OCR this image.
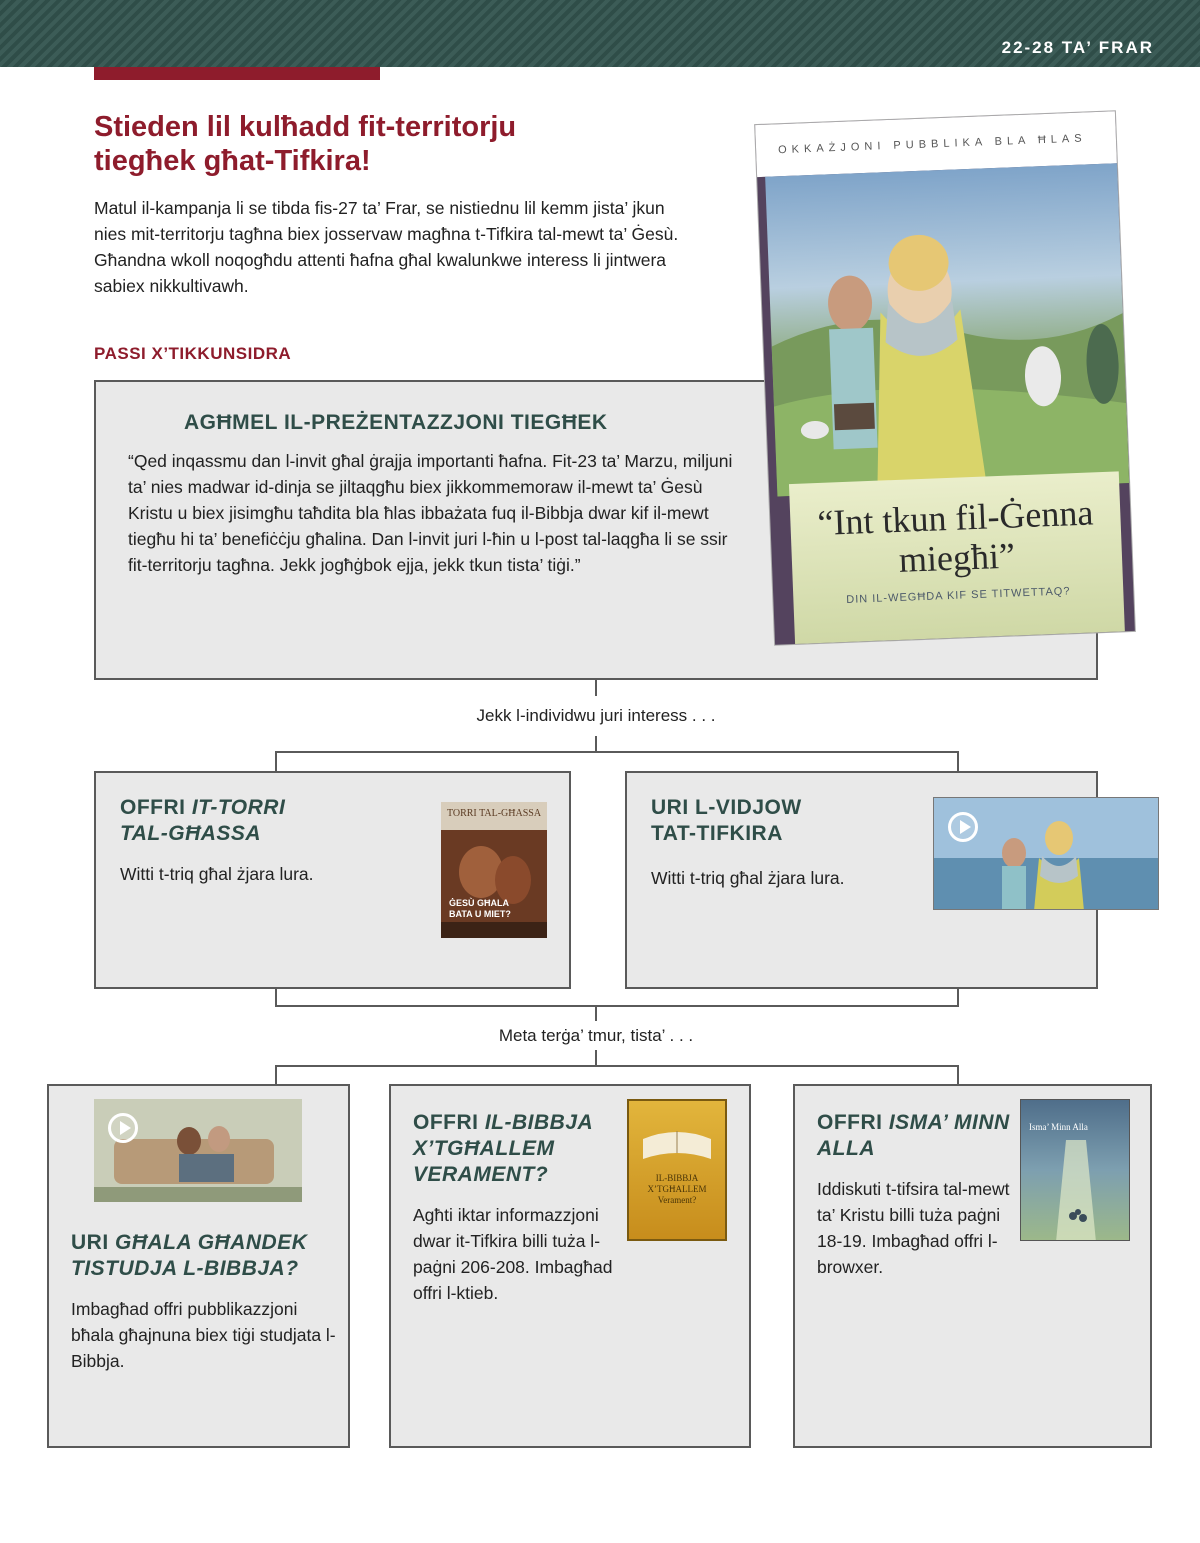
22-28 TA’ FRAR
Stieden lil kulħadd fit-territorju
tiegħek għat-Tifkira!

Matul il-kampanja li se tibda fis-27 ta’ Frar, se nistiednu lil kemm jista’ jkun nies mit-territorju tagħna biex josservaw magħna t-Tifkira tal-mewt ta’ Ġesù. Għandna wkoll noqogħdu attenti ħafna għal kwalunkwe interess li jintwera sabiex nikkultivawh.

PASSI X’TIKKUNSIDRA
AGĦMEL IL-PREŻENTAZZJONI TIEGĦEK

“Qed inqassmu dan l-invit għal ġrajja importanti ħafna. Fit-23 ta’ Marzu, miljuni ta’ nies madwar id-dinja se jiltaqgħu biex jikkommemoraw il-mewt ta’ Ġesù Kristu u biex jisimgħu taħdita bla ħlas ibbażata fuq il-Bibbja dwar kif il-mewt tiegħu hi ta’ benefiċċju għalina. Dan l-invit juri l-ħin u l-post tal-laqgħa li se ssir fit-territorju tagħna. Jekk jogħġbok ejja, jekk tkun tista’ tiġi.”

OKKAŻJONI PUBBLIKA BLA ĦLAS
“Int tkun fil-Ġenna
miegħi”
DIN IL-WEGĦDA KIF SE TITWETTAQ?
Jekk l-individwu juri interess . . .
OFFRI IT-TORRI
TAL-GĦASSA

Witti t-triq għal żjara lura.

TORRI TAL-GĦASSA
ĠESÙ GĦALA
BATA U MIET?
URI L-VIDJOW
TAT-TIFKIRA

Witti t-triq għal żjara lura.

Meta terġa’ tmur, tista’ . . .
URI GĦALA GĦANDEK
TISTUDJA L-BIBBJA?

Imbagħad offri pubblikazzjoni bħala għajnuna biex tiġi studjata l-Bibbja.

OFFRI IL-BIBBJA
X’TGĦALLEM
VERAMENT?

Agħti iktar informazzjoni dwar it-Tifkira billi tuża l-paġni 206-208. Imbagħad offri l-ktieb.

IL-BIBBJA
X’TGĦALLEM
Verament?
OFFRI ISMA’ MINN
ALLA

Iddiskuti t-tifsira tal-mewt ta’ Kristu billi tuża paġni 18-19. Imbagħad offri l-browxer.

Isma’ Minn Alla
